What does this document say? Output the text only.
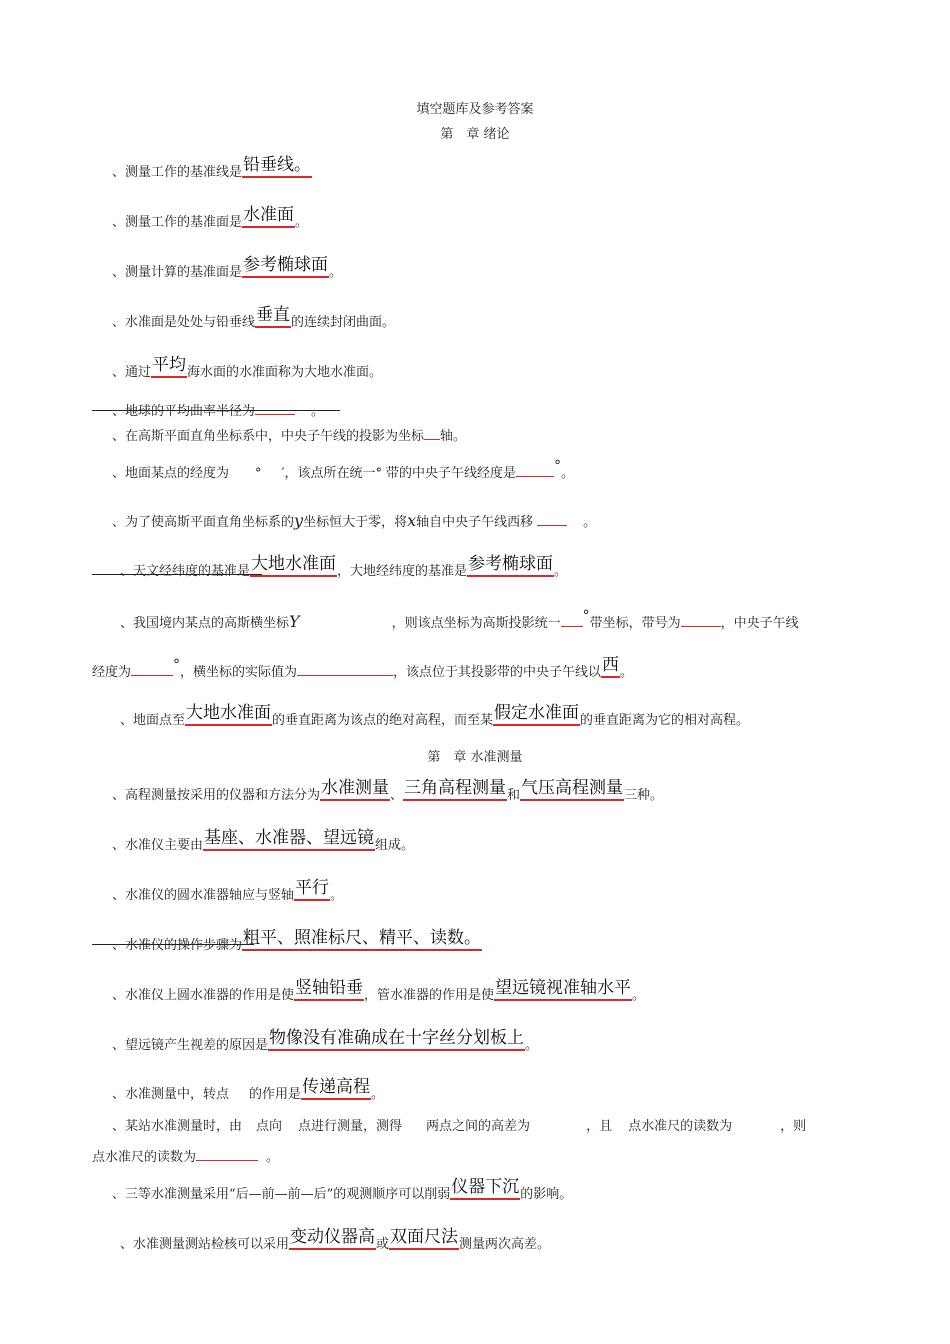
填空题库及参考答案
第　章 绪论
、测量工作的基准线是铅垂线。
、测量工作的基准面是水准面。
、测量计算的基准面是参考椭球面。
、水准面是处处与铅垂线垂直的连续封闭曲面。
、通过平均海水面的水准面称为大地水准面。
、地球的平均曲率半径为	。
、在高斯平面直角坐标系中，中央子午线的投影为坐标 轴。
、地面某点的经度为 ° ′，该点所在统一° 带的中央子午线经度是	°。
、为了使高斯平面直角坐标系的y坐标恒大于零，将x轴自中央子午线西移	。
、天文经纬度的基准是大地水准面，大地经纬度的基准是参考椭球面。
、我国境内某点的高斯横坐标Y	，则该点坐标为高斯投影统一 °带坐标，带号为	，中央子午线
经度为	°，横坐标的实际值为	，该点位于其投影带的中央子午线以西。
、地面点至大地水准面的垂直距离为该点的绝对高程，而至某假定水准面的垂直距离为它的相对高程。
第　章 水准测量
、高程测量按采用的仪器和方法分为水准测量、三角高程测量和气压高程测量三种。
、水准仪主要由基座、水准器、望远镜组成。
、水准仪的圆水准器轴应与竖轴平行。
、水准仪的操作步骤为粗平、照准标尺、精平、读数。
、水准仪上圆水准器的作用是使竖轴铅垂，管水准器的作用是使望远镜视准轴水平。
、望远镜产生视差的原因是物像没有准确成在十字丝分划板上。
、水准测量中，转点 的作用是传递高程。
、某站水准测量时，由 点向 点进行测量，测得 两点之间的高差为	，且 点水准尺的读数为	，则
点水准尺的读数为	。
、三等水准测量采用“后—前—前—后”的观测顺序可以削弱仪器下沉的影响。
、水准测量测站检核可以采用变动仪器高或双面尺法测量两次高差。
